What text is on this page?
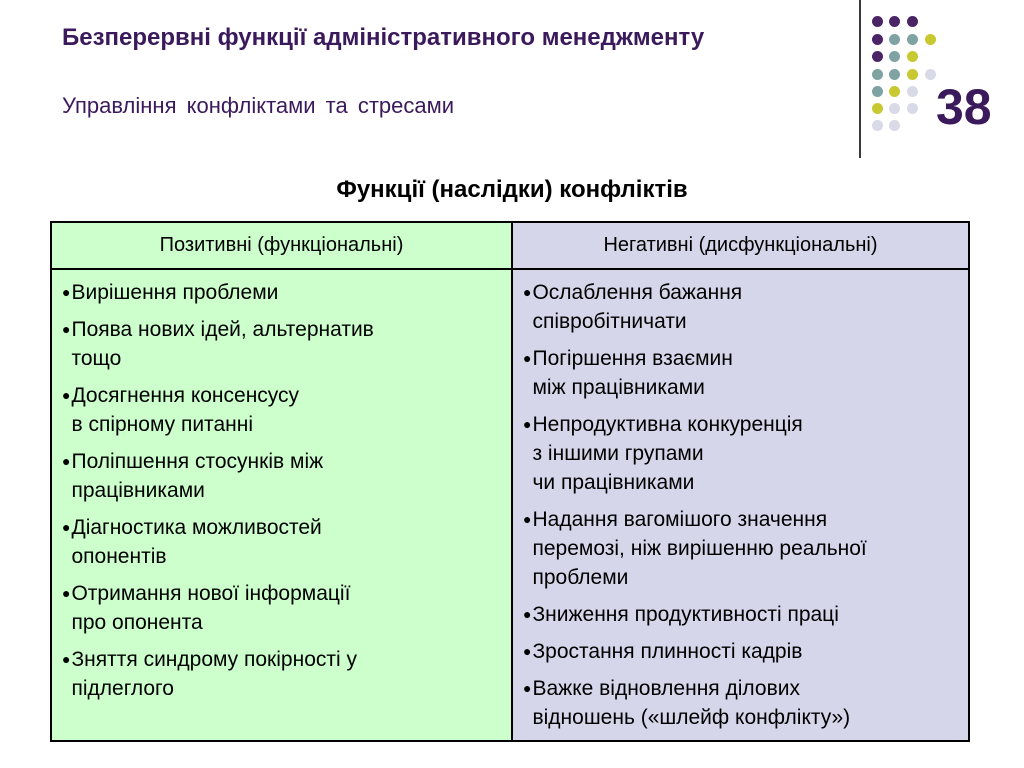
Безперервні функції адміністративного менеджменту
Управління конфліктами та стресами	38
Функції (наслідки) конфліктів
Позитивні (функціональні)	Негативні (дисфункціональні)
● Вирішення проблеми
● Поява нових ідей, альтернатив
тощо
● Досягнення консенсусу
в спірному питанні
● Поліпшення стосунків між
працівниками
● Діагностика можливостей
опонентів
● Отримання нової інформації
про опонента
● Зняття синдрому покірності у
підлеглого
● Ослаблення бажання
співробітничати
● Погіршення взаємин
між працівниками
● Непродуктивна конкуренція
з іншими групами
чи працівниками
● Надання вагомішого значення
перемозі, ніж вирішенню реальної
проблеми
● Зниження продуктивності праці
● Зростання плинності кадрів
● Важке відновлення ділових
відношень («шлейф конфлікту»)
